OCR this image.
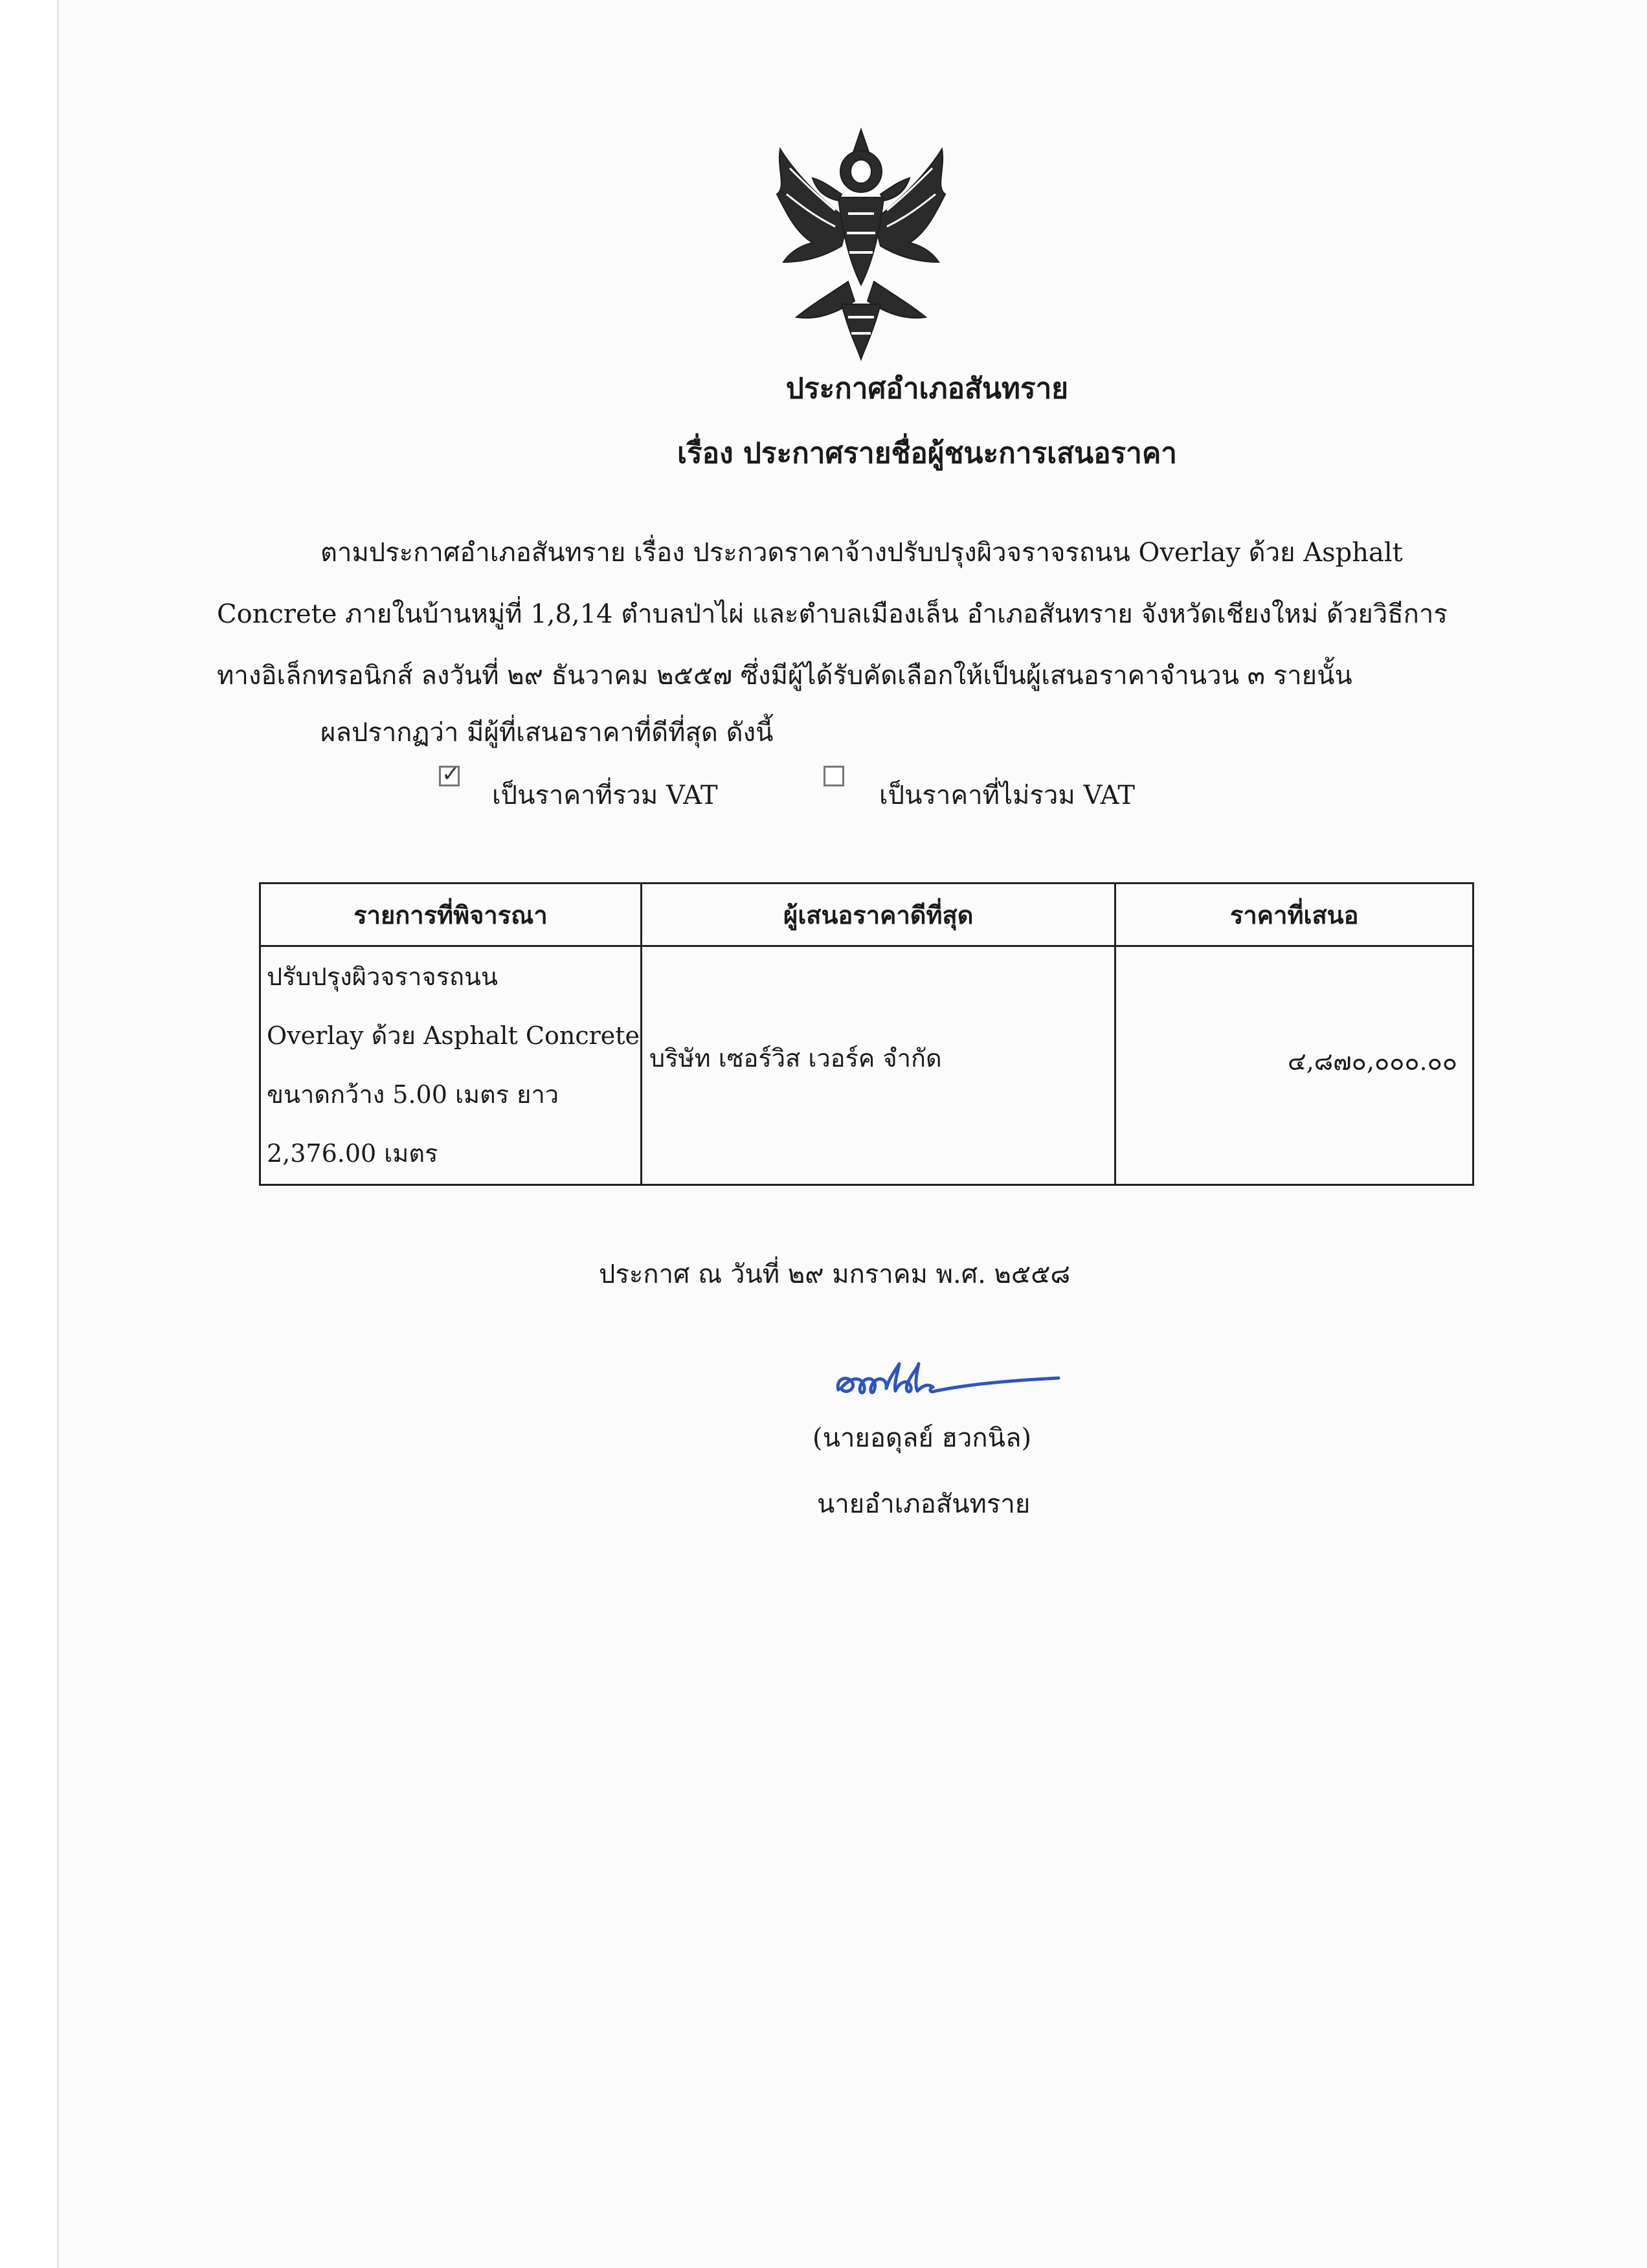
ประกาศอำเภอสันทราย
เรื่อง ประกาศรายชื่อผู้ชนะการเสนอราคา
ตามประกาศอำเภอสันทราย เรื่อง ประกวดราคาจ้างปรับปรุงผิวจราจรถนน Overlay ด้วย Asphalt
Concrete ภายในบ้านหมู่ที่ 1,8,14 ตำบลป่าไผ่ และตำบลเมืองเล็น อำเภอสันทราย จังหวัดเชียงใหม่ ด้วยวิธีการ
ทางอิเล็กทรอนิกส์ ลงวันที่ ๒๙ ธันวาคม ๒๕๕๗ ซึ่งมีผู้ได้รับคัดเลือกให้เป็นผู้เสนอราคาจำนวน ๓ รายนั้น
ผลปรากฏว่า มีผู้ที่เสนอราคาที่ดีที่สุด ดังนี้
✓
เป็นราคาที่รวม VAT	เป็นราคาที่ไม่รวม VAT
รายการที่พิจารณา	ผู้เสนอราคาดีที่สุด	ราคาที่เสนอ

ปรับปรุงผิวจราจรถนน
Overlay ด้วย Asphalt Concrete
ขนาดกว้าง 5.00 เมตร ยาว
2,376.00 เมตร	บริษัท เซอร์วิส เวอร์ค จำกัด	๔,๘๗๐,๐๐๐.๐๐
ประกาศ ณ วันที่ ๒๙ มกราคม พ.ศ. ๒๕๕๘
(นายอดุลย์ ฮวกนิล)
นายอำเภอสันทราย
